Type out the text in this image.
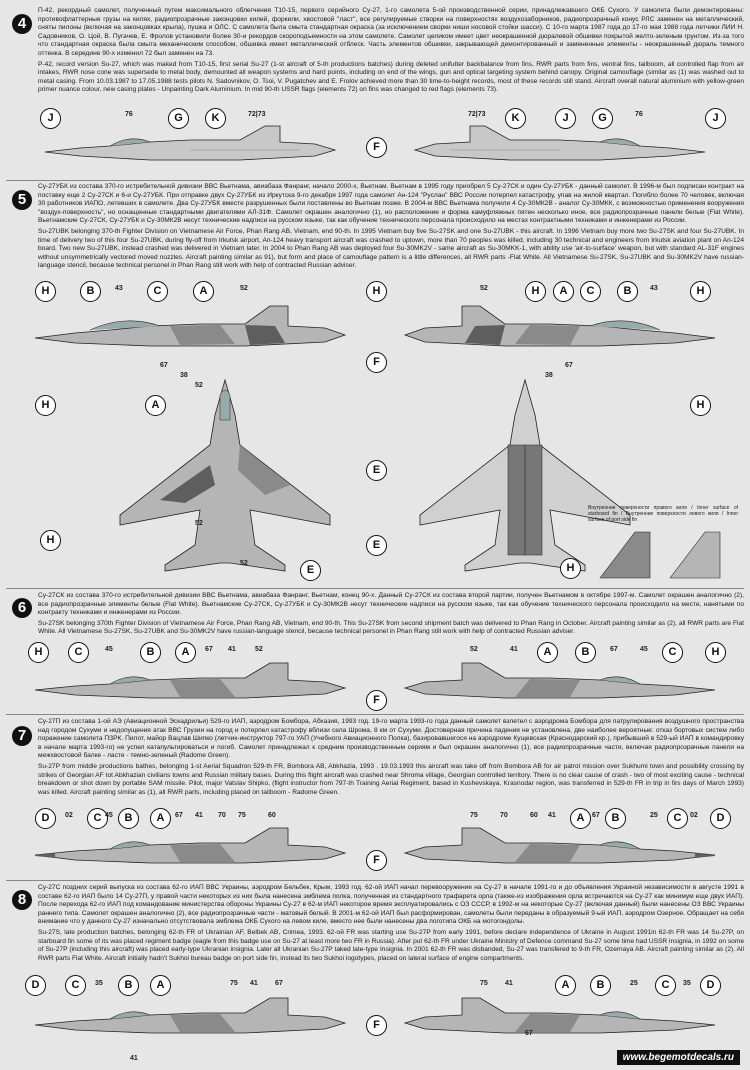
4

П-42, рекордный самолет, полученный путем максимального облегчения Т10-15, первого серийного Су-27, 1-го самолета 5-ой производственной серии, принадлежавшего ОКБ Сухого. У самолета были демонтированы: противофлаттерные грузы на килях, радиопрозрачные законцовки килей, форкили, хвостовой "ласт", все регулируемые створки на поверхностях воздухозаборников, радиопрозрачный конус РЛС заменен на металлический, сняты пилоны (включая на законцовках крыла), пушка и ОЛС. С самолета была смыта стандартная окраска (за исключением сворки ниши носовой стойки шасси). С 10-го марта 1987 года до 17-го мая 1988 года летчики ЛИИ Н. Садовников, О. Цой, В. Пугачев, Е. Фролов установили более 30-и рекордов скороподъемности на этом самолете. Самолет целиком имеет цвет неокрашенной дюралевой обшивки покрытой желто-зеленым грунтом. Из-за того что стандартная окраска была смыта механическим способом, обшивка имеет металлический отблеск. Часть элементов обшивки, закрывающей демонтированный и замененные элементы - неокрашенный дюраль темного оттенка. В середине 90-х изменил 72 был заменен на 73.

P-42, record version Su-27, which was maked from T10-15, first serial Su-27 (1-st aircraft of 5-th productions batches) during deleted unifutter backbalance from fins, RWR parts from fins, ventral fins, tailboom, all controlled flap from air intakes, RWR nose cone was supersede to metal body, demounted all weapon systems and hard points, including on end of the wings, gun and optical targeting system behind canopy. Original camouflage (similar as (1) was washed out to metal casing. From 10.03.1987 to 17.05.1988 tests pilots N. Sadovnikov, O. Tsoi, V. Pugatchev and E. Frolov achieved more than 30 time-to-height records, most of these records still stand. Aircraft overall natural aluminium with yellow-green primer nuance colour, new casing plates - Unpainting Dark Aluminium. In mid 90-th USSR flags (elements 72) on fins was changed to red flags (elements 73).

J	G	K
F
K	J	G	J
76	72|73	72|73	76
5

Су-27УБК из состава 370-го истребительной дивизии ВВС Вьетнама, авиабаза Фанранг, начало 2000-х, Вьетнам. Вьетнам в 1995 году приобрел 5 Су-27СК и один Су-27УБК - данный самолет. В 1996-м был подписан контракт на поставку еще 2 Су-27СК и 6-и Су-27УБК. При отправке двух Су-27УБК из Иркутска 9-го декабря 1997 года самолет Ан-124 "Руслан" ВВС России потерпел катастрофу, упав на жилой квартал. Погибло более 70 человек, включая 30 работников ИАПО, летевших в самолете. Два Су-27УБК вместе разрушенных были поставлены во Вьетнам позже. В 2004-м ВВС Вьетнама получили 4 Су-30МК2В - аналог Су-30МКК, с возможностью применения вооружения "воздух-поверхность", но оснащенные стандартными двигателями АЛ-31Ф. Самолет окрашен аналогично (1), но расположение и форма камуфляжных пятен несколько иное, все радиопрозрачные панели белые (Flat White). Вьетнамские Су-27СК, Су-27УБК и Су-30МК2В несут технические надписи на русском языке, так как обучение технического персонала происходило на местах контрактными техниками и инженерами из России.

Su-27UBK belonging 370-th Fighter Division on Vietnamese Air Force, Phan Rang AB, Vietnam, end 90-th. In 1995 Vietnam buy five Su-27SK and one Su-27UBK - this aircraft. In 1996 Vietnam buy more two Su-27SK and four Su-27UBK. In time of delivery two of this four Su-27UBK, during fly-off from Irkutsk airport, An-124 heavy transport aircraft was crashed to uptown, more than 70 peoples was killed, including 30 technical and engineers from Irkutsk aviation plant on An-124 board. Two new Su-27UBK, instead crashed was delivered in Vietnam later. In 2004 to Phan Rang AB was deployed four Su-30MK2V - same aircraft as Su-30MKK-1, with ability use 'air-to-surface' weapon, but with standard AL-31F engines without unsymmetrically vectored moved nozzles. Aircraft painting similar as 91), but form and place of camouflage pattern is a little differences, all RWR parts -Flat White. All Vietnamese Su-27SK, Su-27UBK and Su-30MK2V have russian-language stencil, because technical personel in Phan Rang still work with help of contracted Russian adviser.

Внутренние поверхности правого киля / Inner surface of starboard fin / Внутренние поверхности левого киля / Inner surface of port side fin
H	B	C	A
F
H	H	A	C	B	H
H	A	H
E
E
H
E	H
43	52	52	43
67
38	38
67
52
52
52
6

Су-27СК из состава 370-го истребительной дивизии ВВС Вьетнама, авиабаза Фанранг, Вьетнам, конец 90-х. Данный Су-27СК из состава второй партии, получен Вьетнамом в октябре 1997-м. Самолет окрашен аналогично (2), все радиопрозрачные элементы белые (Flat White). Вьетнамские Су-27СК, Су-27УБК и Су-30МК2В несут технические надписи на русском языке, так как обучение технического персонала происходило на месте, нанятыми по контракту техниками и инженерами из России.

Su-27SK belonging 370th Fighter Division of Vietnamese Air Force, Phan Rang AB, Vietnam, end 90-th. This Su-27SK from second shipment batch was delivered to Phan Rang in October. Aircraft painting similar as (2), all RWR parts are Flat White. All Vietnamese Su-27SK, Su-27UBK and Su-30MK2V have russian-language stencil, because technical personel in Phan Rang still work with help of contracted Russian adviser.

H	C	B	A
F
A	B	C	H
45	67 41	52	52	41	67	45
7

Су-27П из состава 1-ой АЭ (Авиационной Эскадрильи) 529-го ИАП, аэродром Бомбора, Абхазия, 1993 год. 19-го марта 1993-го года данный самолет взлетел с аэродрома Бомбора для патрулирования воздушного пространства над городом Сухуми и недопущения атак ВВС Грузии на город и потерпел катастрофу вблизи села Шрома, 8 км от Сухуми. Достоверная причина падения не установлена, две наиболее вероятные: отказ бортовых систем либо поражение самолета ПЗРК. Пилот, майор Вацлав Шипко (летчик-инструктор 797-го УАП (Учебного Авиационного Полка), базировавшегося на аэродроме Кущевская (Краснодарский кр.), прибывший в 529-ый ИАП в командировку в начале марта 1993-го) не успел катапультироваться и погиб. Самолет принадлежал к средним производственным сериям и был окрашен аналогично (1), все радиопрозрачные части, включая радиопрозрачные панели на межхвостовой балке - ласте - темно-зеленый (Radome Green).

Su-27P from middle productions bathes, belonging 1-st Aerial Squadron 529-th FR, Bombora AB, Abkhazia, 1993 . 19.03.1993 this aircraft was take off from Bombora AB for air patrol mission over Sukhumi town and possibility crossing by strikes of Georgian AF tot Abkhazian civilians towns and Russian military bases. During this flight aircraft was crashed near Shroma village, Georgian controlled territory. There is no clear cause of crash - two of most exciting cause - technical breakdown or shot down by portable SAM missile. Pilot, major Vatslav Shipko, (flight instructor from 797-th Training Aerial Regiment, based in Kushevskaya, Krasnodar region, was transferred in 529-th FR in trip in firs days of March 1993) was killed. Aircraft painting similar as (1), all RWR parts, including placed on tailboom - Radome Green.

D	C	B	A
F
A	B	C	D
02	45	67 41 70 75	60	75	70	60 41	67	25	02
8

Су-27С поздних серий выпуска из состава 62-го ИАП ВВС Украины, аэродром Бельбек, Крым, 1993 год. 62-ой ИАП начал перевооружение на Су-27 в начале 1991-го и до объявления Украиной независимости в августе 1991 в составе 62-го ИАП было 14 Су-27П, у правой части некоторых из них была нанесена эмблема полка, полученная из стандартного трафарета орла (также-из изображения орла встречаются на Су-27 как минимум еще двух ИАП). После перехода 62-го ИАП под командование министерства обороны Украины Су-27 в 62-м ИАП некоторое время эксплуатировались с ОЗ СССР, в 1992-м на некоторые Су-27 (включая данный) были нанесены ОЗ ВВС Украины раннего типа. Самолет окрашен аналогично (2), все радиопрозрачные части - матовый белый. В 2001-м 62-ой ИАП был расформирован, самолеты были переданы в образуемый 9-ый ИАП, аэродром Озерное. Обращает на себя внимание что у данного Су-27 изначально отсутствовала эмблема ОКБ Сухого на левом киле, вместо нее были нанесены два логотипа ОКБ на мотогондолы.

Su-27S, late production batches, belonging 62-th FR of Ukrainian AF, Belbek AB, Crimea, 1993. 62-ой FR was starting use Su-27P from early 1991, before declare independence of Ukraine in August 1991in 62-th FR was 14 Su-27P, on starboard fin some of its was placed regiment badge (eagle from this badge use on Su-27 at least more two FR in Russia). After put 62-th FR under Ukraine Ministry of Defence command Su-27 some time had USSR insignia, in 1992 on some of Su-27P (including this aircraft) was placed early-type Ukranian insignia. Later all Ukranian Su-27P taked late-type Insignia. In 2001 62-th FR was disbanded, Su-27 was transfered to 9-th FR, Ozernaya AB. Aircraft painting similar as (2). All RWR parts Flat White. Aircraft initially hadn't Sukhoi bureau badge on port side fin, instead its two Sukhoi logotypes, placed on lateral surface of engine compartments.

D	C	B	A
F
A	B	C	D
35	75 41 67
41
67
75 41	25	35
www.begemotdecals.ru
